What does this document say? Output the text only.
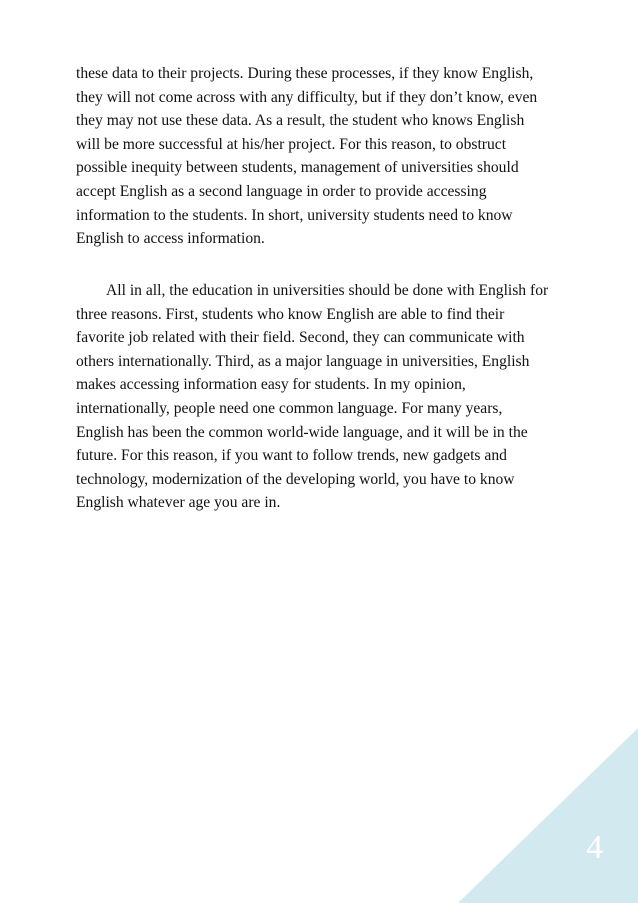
these data to their projects. During these processes, if they know English,
they will not come across with any difficulty, but if they don’t know, even
they may not use these data. As a result, the student who knows English
will be more successful at his/her project. For this reason, to obstruct
possible inequity between students, management of universities should
accept English as a second language in order to provide accessing
information to the students. In short, university students need to know
English to access information.

All in all, the education in universities should be done with English for
three reasons. First, students who know English are able to find their
favorite job related with their field. Second, they can communicate with
others internationally. Third, as a major language in universities, English
makes accessing information easy for students. In my opinion,
internationally, people need one common language. For many years,
English has been the common world-wide language, and it will be in the
future. For this reason, if you want to follow trends, new gadgets and
technology, modernization of the developing world, you have to know
English whatever age you are in.

4
